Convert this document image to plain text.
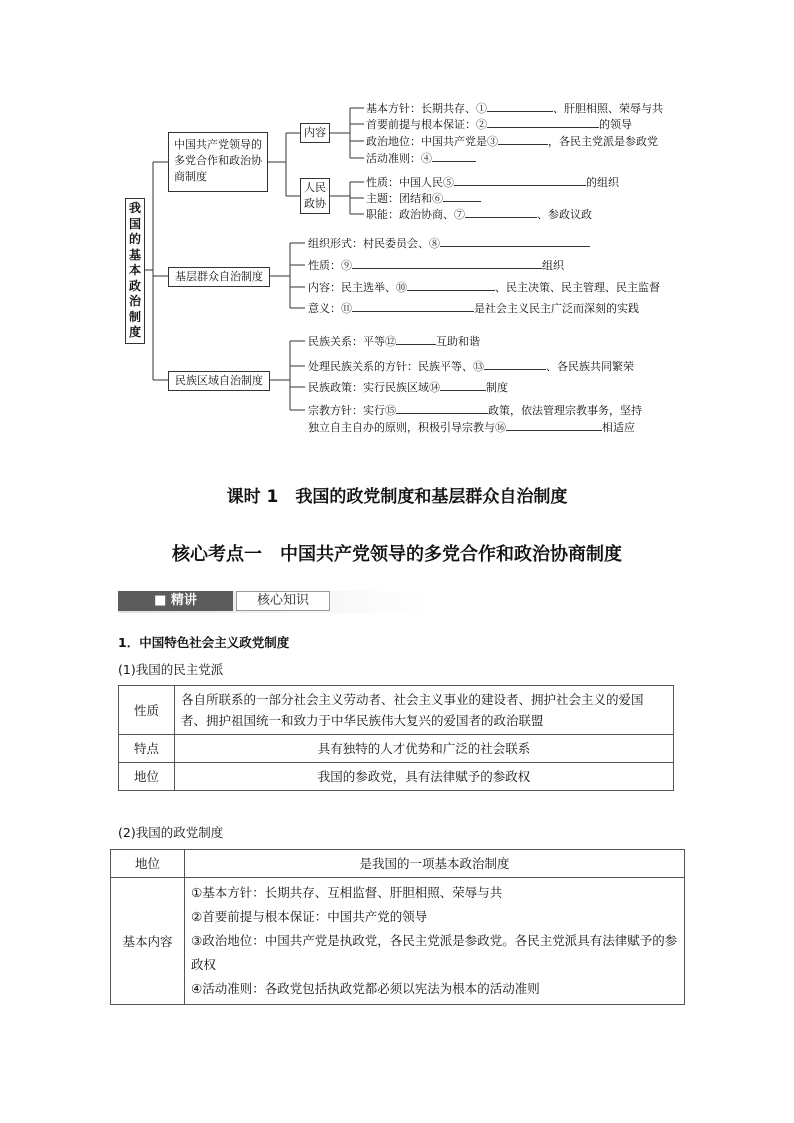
我国的基本政治制度
中国共产党领导的多党合作和政治协商制度
内容
人民政协
基本方针：长期共存、①	、肝胆相照、荣辱与共
首要前提与根本保证：②	的领导
政治地位：中国共产党是③	，各民主党派是参政党
活动准则：④
性质：中国人民⑤	的组织
主题：团结和⑥
职能：政治协商、⑦	、参政议政
基层群众自治制度
组织形式：村民委员会、⑧
性质：⑨	组织
内容：民主选举、⑩	、民主决策、民主管理、民主监督
意义：⑪	是社会主义民主广泛而深刻的实践
民族区域自治制度
民族关系：平等⑫	互助和谐
处理民族关系的方针：民族平等、⑬	、各民族共同繁荣
民族政策：实行民族区域⑭	制度
宗教方针：实行⑮	政策，依法管理宗教事务，坚持
独立自主自办的原则，积极引导宗教与⑯	相适应
课时 1　我国的政党制度和基层群众自治制度
核心考点一　中国共产党领导的多党合作和政治协商制度
■ 精讲	核心知识
1．中国特色社会主义政党制度
(1)我国的民主党派
性质	各自所联系的一部分社会主义劳动者、社会主义事业的建设者、拥护社会主义的爱国者、拥护祖国统一和致力于中华民族伟大复兴的爱国者的政治联盟
特点	具有独特的人才优势和广泛的社会联系
地位	我国的参政党，具有法律赋予的参政权
(2)我国的政党制度
地位	是我国的一项基本政治制度
基本内容	①基本方针：长期共存、互相监督、肝胆相照、荣辱与共
②首要前提与根本保证：中国共产党的领导
③政治地位：中国共产党是执政党，各民主党派是参政党。各民主党派具有法律赋予的参政权
④活动准则：各政党包括执政党都必须以宪法为根本的活动准则
